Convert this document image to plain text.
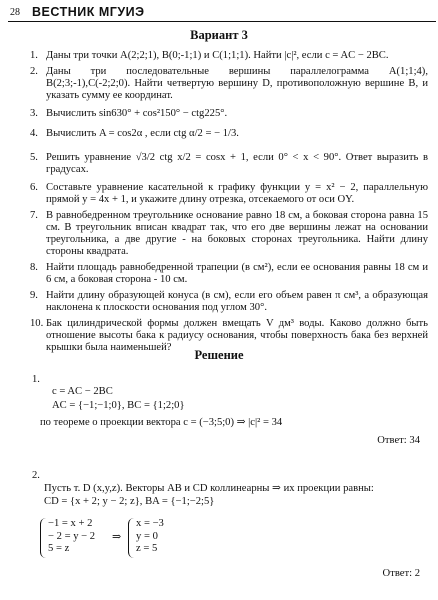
28 ВЕСТНИК МГУИЭ
Вариант 3
1. Даны три точки A(2;2;1), B(0;-1;1) и C(1;1;1). Найти |c|², если c = AC − 2BC.
2. Даны три последовательные вершины параллелограмма A(1;1;4), B(2;3;-1),C(-2;2;0). Найти четвертую вершину D, противоположную вершине B, и указать сумму ее координат.
3. Вычислить sin630° + cos²150° − ctg225°.
4. Вычислить A = cos2α , если ctg α/2 = − 1/3.
5. Решить уравнение √3/2 ctg x/2 = cosx + 1, если 0° < x < 90°. Ответ выразить в градусах.
6. Составьте уравнение касательной к графику функции y = x² − 2, параллельную прямой y = 4x + 1, и укажите длину отрезка, отсекаемого от оси OY.
7. В равнобедренном треугольнике основание равно 18 см, а боковая сторона равна 15 см. В треугольник вписан квадрат так, что его две вершины лежат на основании треугольника, а две другие - на боковых сторонах треугольника. Найти длину стороны квадрата.
8. Найти площадь равнобедренной трапеции (в см²), если ее основания равны 18 см и 6 см, а боковая сторона - 10 см.
9. Найти длину образующей конуса (в см), если его объем равен π см³, а образующая наклонена к плоскости основания под углом 30°.
10. Бак цилиндрической формы должен вмещать V дм³ воды. Каково должно быть отношение высоты бака к радиусу основания, чтобы поверхность бака без верхней крышки была наименьшей?
Решение
1.
c = AC − 2BC
AC = {−1;−1;0}, BC = {1;2;0}
по теореме о проекции вектора c = (−3;5;0) ⇒ |c|² = 34
Ответ: 34
2.
Пусть т. D (x,y,z). Векторы AB и CD коллинеарны ⇒ их проекции равны:
CD = {x + 2; y − 2; z}, BA = {−1;−2;5}
−1 = x + 2
− 2 = y − 2
5 = z
⇒
x = −3
y = 0
z = 5
Ответ: 2
